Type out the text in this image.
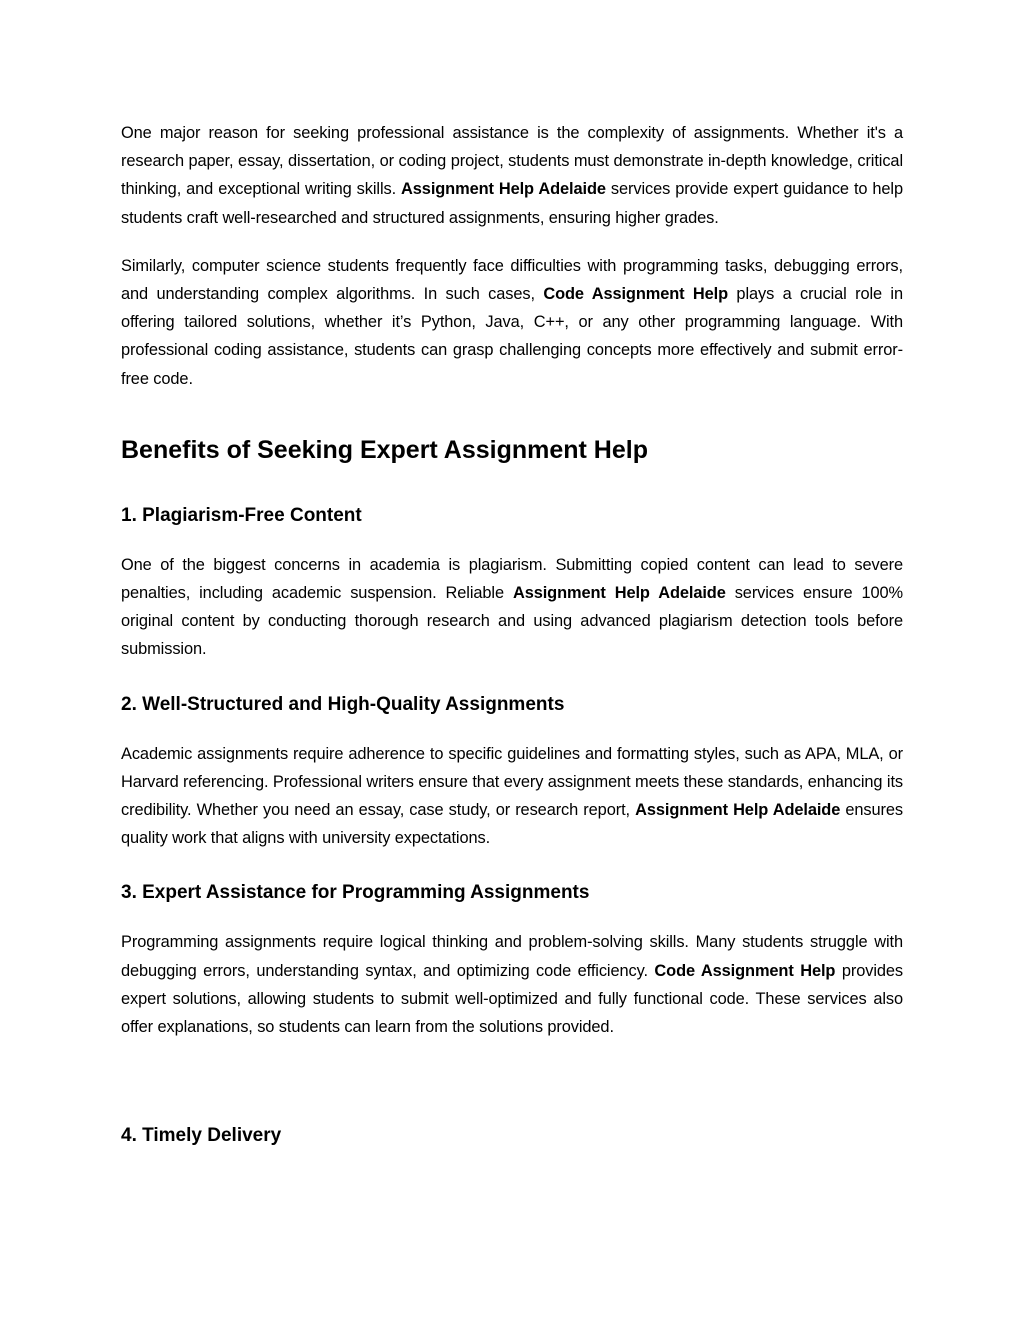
One major reason for seeking professional assistance is the complexity of assignments. Whether it's a research paper, essay, dissertation, or coding project, students must demonstrate in-depth knowledge, critical thinking, and exceptional writing skills. Assignment Help Adelaide services provide expert guidance to help students craft well-researched and structured assignments, ensuring higher grades.

Similarly, computer science students frequently face difficulties with programming tasks, debugging errors, and understanding complex algorithms. In such cases, Code Assignment Help plays a crucial role in offering tailored solutions, whether it’s Python, Java, C++, or any other programming language. With professional coding assistance, students can grasp challenging concepts more effectively and submit error-free code.

Benefits of Seeking Expert Assignment Help
1. Plagiarism-Free Content

One of the biggest concerns in academia is plagiarism. Submitting copied content can lead to severe penalties, including academic suspension. Reliable Assignment Help Adelaide services ensure 100% original content by conducting thorough research and using advanced plagiarism detection tools before submission.

2. Well-Structured and High-Quality Assignments

Academic assignments require adherence to specific guidelines and formatting styles, such as APA, MLA, or Harvard referencing. Professional writers ensure that every assignment meets these standards, enhancing its credibility. Whether you need an essay, case study, or research report, Assignment Help Adelaide ensures quality work that aligns with university expectations.

3. Expert Assistance for Programming Assignments

Programming assignments require logical thinking and problem-solving skills. Many students struggle with debugging errors, understanding syntax, and optimizing code efficiency. Code Assignment Help provides expert solutions, allowing students to submit well-optimized and fully functional code. These services also offer explanations, so students can learn from the solutions provided.

4. Timely Delivery
